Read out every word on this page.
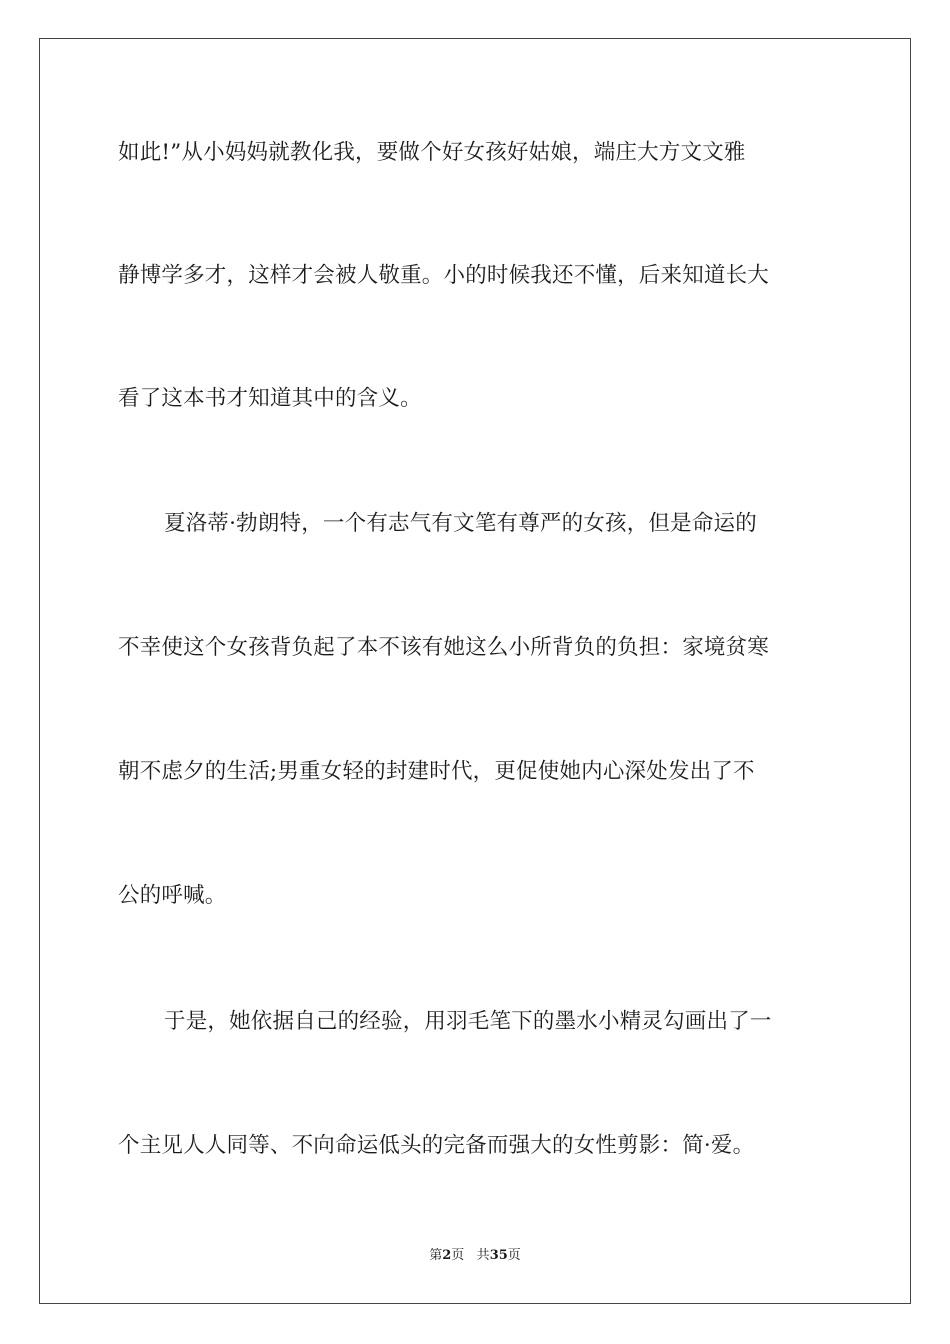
如此!”从小妈妈就教化我，要做个好女孩好姑娘，端庄大方文文雅
静博学多才，这样才会被人敬重。小的时候我还不懂，后来知道长大
看了这本书才知道其中的含义。
夏洛蒂·勃朗特，一个有志气有文笔有尊严的女孩，但是命运的
不幸使这个女孩背负起了本不该有她这么小所背负的负担：家境贫寒
朝不虑夕的生活;男重女轻的封建时代，更促使她内心深处发出了不
公的呼喊。
于是，她依据自己的经验，用羽毛笔下的墨水小精灵勾画出了一
个主见人人同等、不向命运低头的完备而强大的女性剪影：简·爱。
第2页 共35页
